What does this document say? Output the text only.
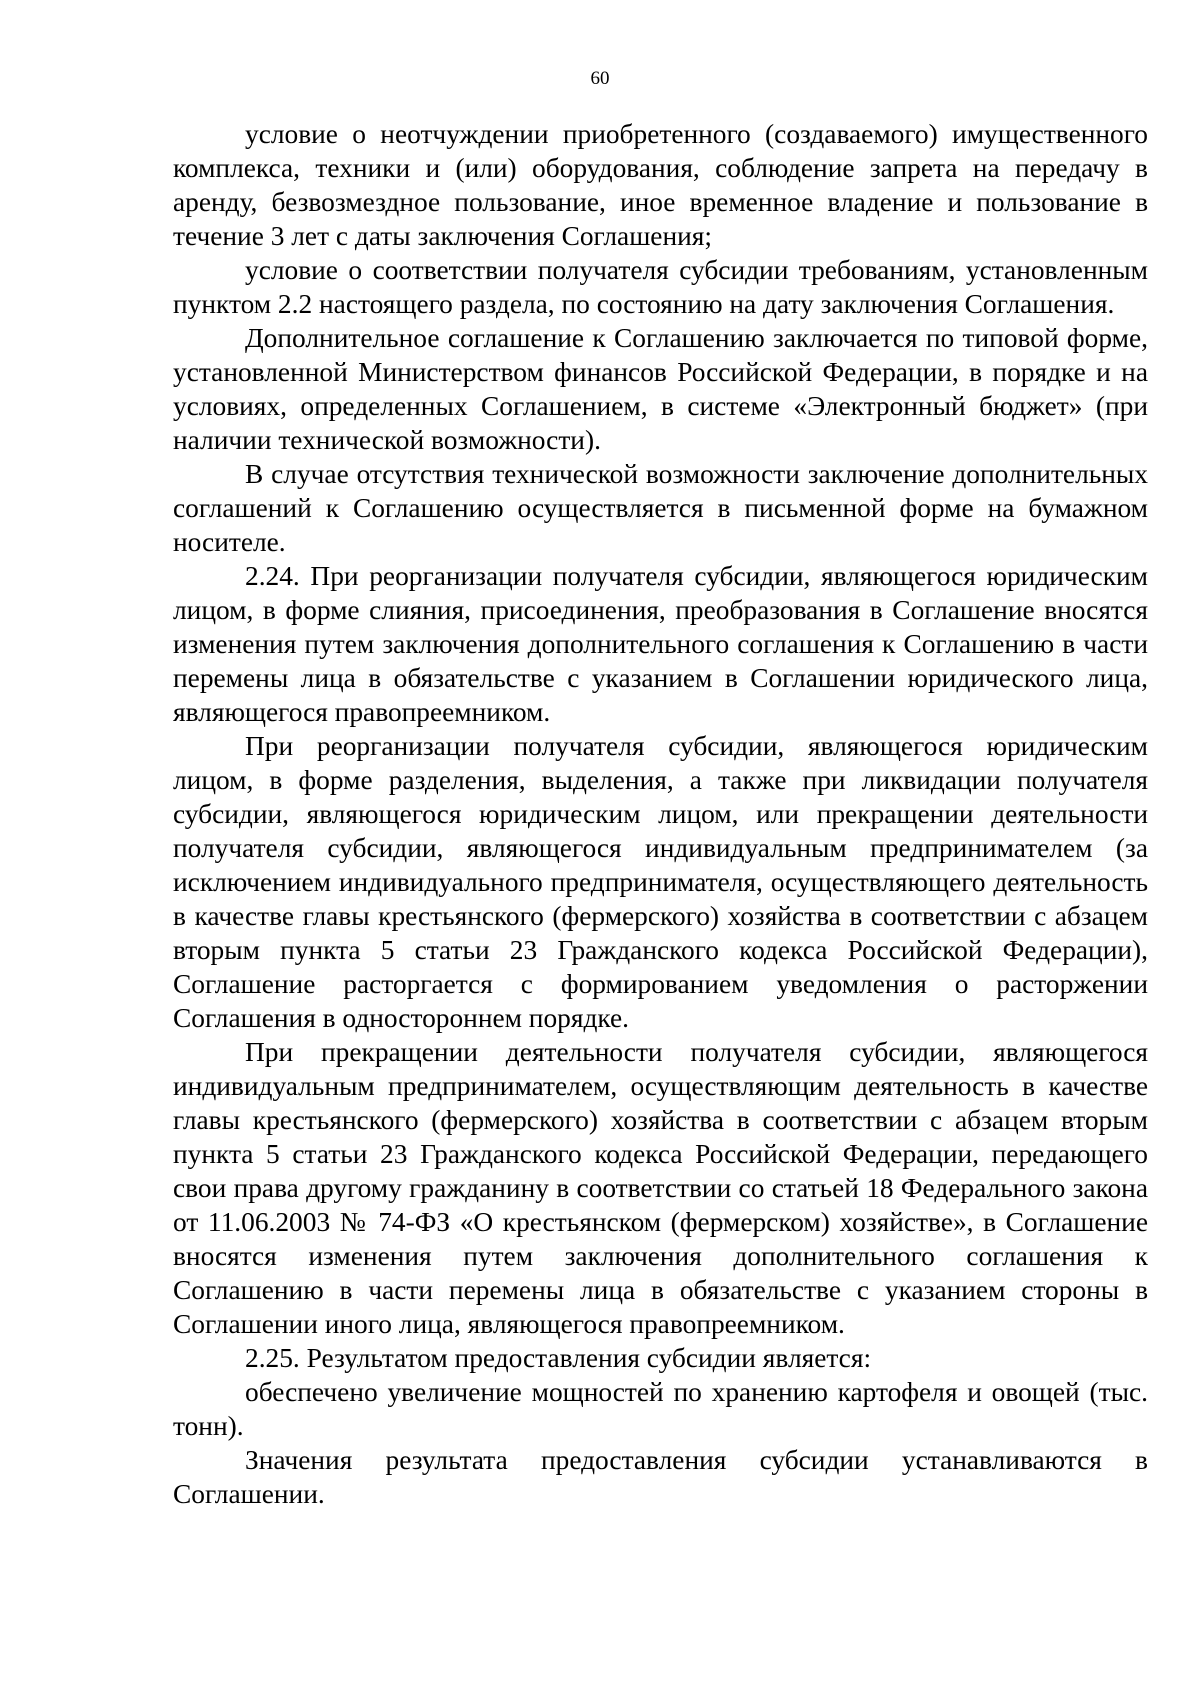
60

условие о неотчуждении приобретенного (создаваемого) имущественного комплекса, техники и (или) оборудования, соблюдение запрета на передачу в аренду, безвозмездное пользование, иное временное владение и пользование в течение 3 лет с даты заключения Соглашения;

условие о соответствии получателя субсидии требованиям, установленным пунктом 2.2 настоящего раздела, по состоянию на дату заключения Соглашения.

Дополнительное соглашение к Соглашению заключается по типовой форме, установленной Министерством финансов Российской Федерации, в порядке и на условиях, определенных Соглашением, в системе «Электронный бюджет» (при наличии технической возможности).

В случае отсутствия технической возможности заключение дополнительных соглашений к Соглашению осуществляется в письменной форме на бумажном носителе.

2.24. При реорганизации получателя субсидии, являющегося юридическим лицом, в форме слияния, присоединения, преобразования в Соглашение вносятся изменения путем заключения дополнительного соглашения к Соглашению в части перемены лица в обязательстве с указанием в Соглашении юридического лица, являющегося правопреемником.

При реорганизации получателя субсидии, являющегося юридическим лицом, в форме разделения, выделения, а также при ликвидации получателя субсидии, являющегося юридическим лицом, или прекращении деятельности получателя субсидии, являющегося индивидуальным предпринимателем (за исключением индивидуального предпринимателя, осуществляющего деятельность в качестве главы крестьянского (фермерского) хозяйства в соответствии с абзацем вторым пункта 5 статьи 23 Гражданского кодекса Российской Федерации), Соглашение расторгается с формированием уведомления о расторжении Соглашения в одностороннем порядке.

При прекращении деятельности получателя субсидии, являющегося индивидуальным предпринимателем, осуществляющим деятельность в качестве главы крестьянского (фермерского) хозяйства в соответствии с абзацем вторым пункта 5 статьи 23 Гражданского кодекса Российской Федерации, передающего свои права другому гражданину в соответствии со статьей 18 Федерального закона от 11.06.2003 № 74-ФЗ «О крестьянском (фермерском) хозяйстве», в Соглашение вносятся изменения путем заключения дополнительного соглашения к Соглашению в части перемены лица в обязательстве с указанием стороны в Соглашении иного лица, являющегося правопреемником.

2.25. Результатом предоставления субсидии является:

обеспечено увеличение мощностей по хранению картофеля и овощей (тыс. тонн).

Значения результата предоставления субсидии устанавливаются в Соглашении.
